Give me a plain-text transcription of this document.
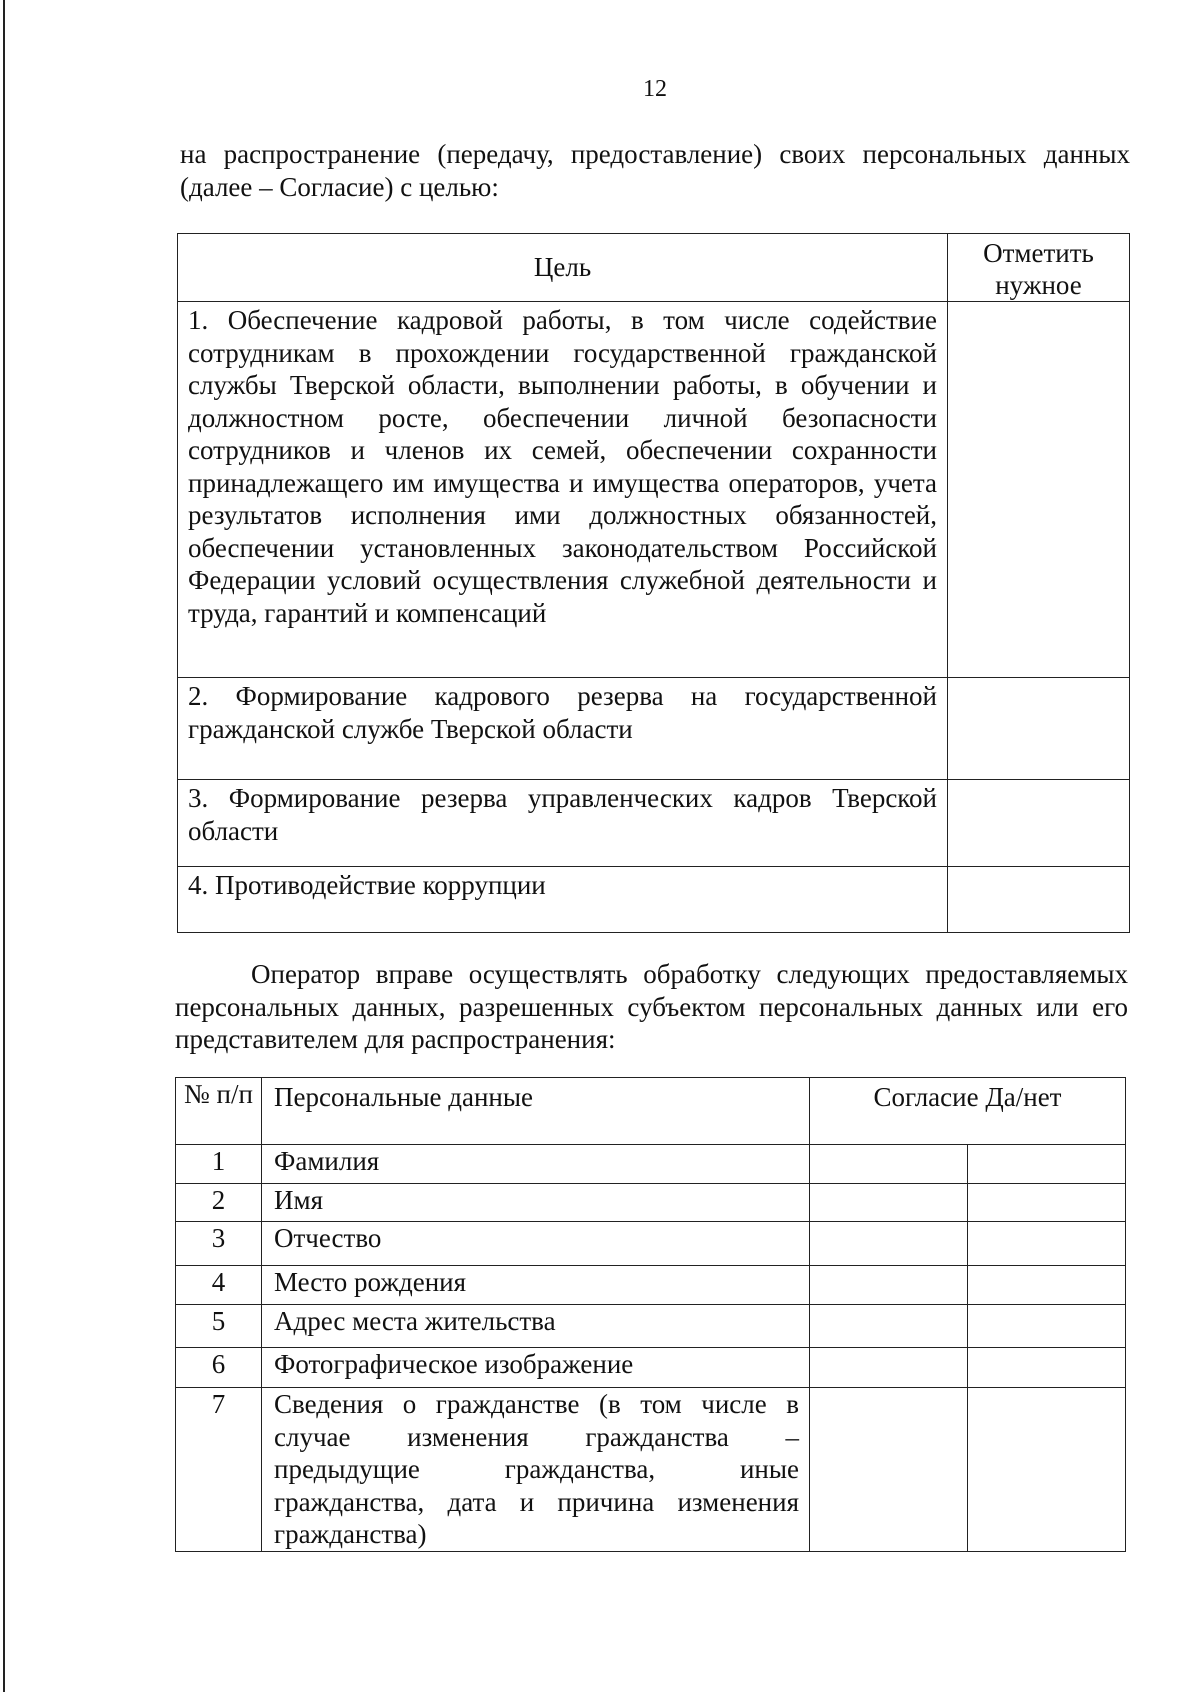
12
на распространение (передачу, предоставление) своих персональных данных (далее – Согласие) с целью:
Цель	Отметить нужное
1. Обеспечение кадровой работы, в том числе содействие сотрудникам в прохождении государственной гражданской службы Тверской области, выполнении работы, в обучении и должностном росте, обеспечении личной безопасности сотрудников и членов их семей, обеспечении сохранности принадлежащего им имущества и имущества операторов, учета результатов исполнения ими должностных обязанностей, обеспечении установленных законодательством Российской Федерации условий осуществления служебной деятельности и труда, гарантий и компенсаций	
2. Формирование кадрового резерва на государственной гражданской службе Тверской области	
3. Формирование резерва управленческих кадров Тверской области	
4. Противодействие коррупции	
Оператор вправе осуществлять обработку следующих предоставляемых персональных данных, разрешенных субъектом персональных данных или его представителем для распространения:
№ п/п	Персональные данные	Согласие Да/нет	
1	Фамилия		
2	Имя		
3	Отчество		
4	Место рождения		
5	Адрес места жительства		
6	Фотографическое изображение		
7	Сведения о гражданстве (в том числе в случае изменения гражданства – предыдущие гражданства, иные гражданства, дата и причина изменения гражданства)		
